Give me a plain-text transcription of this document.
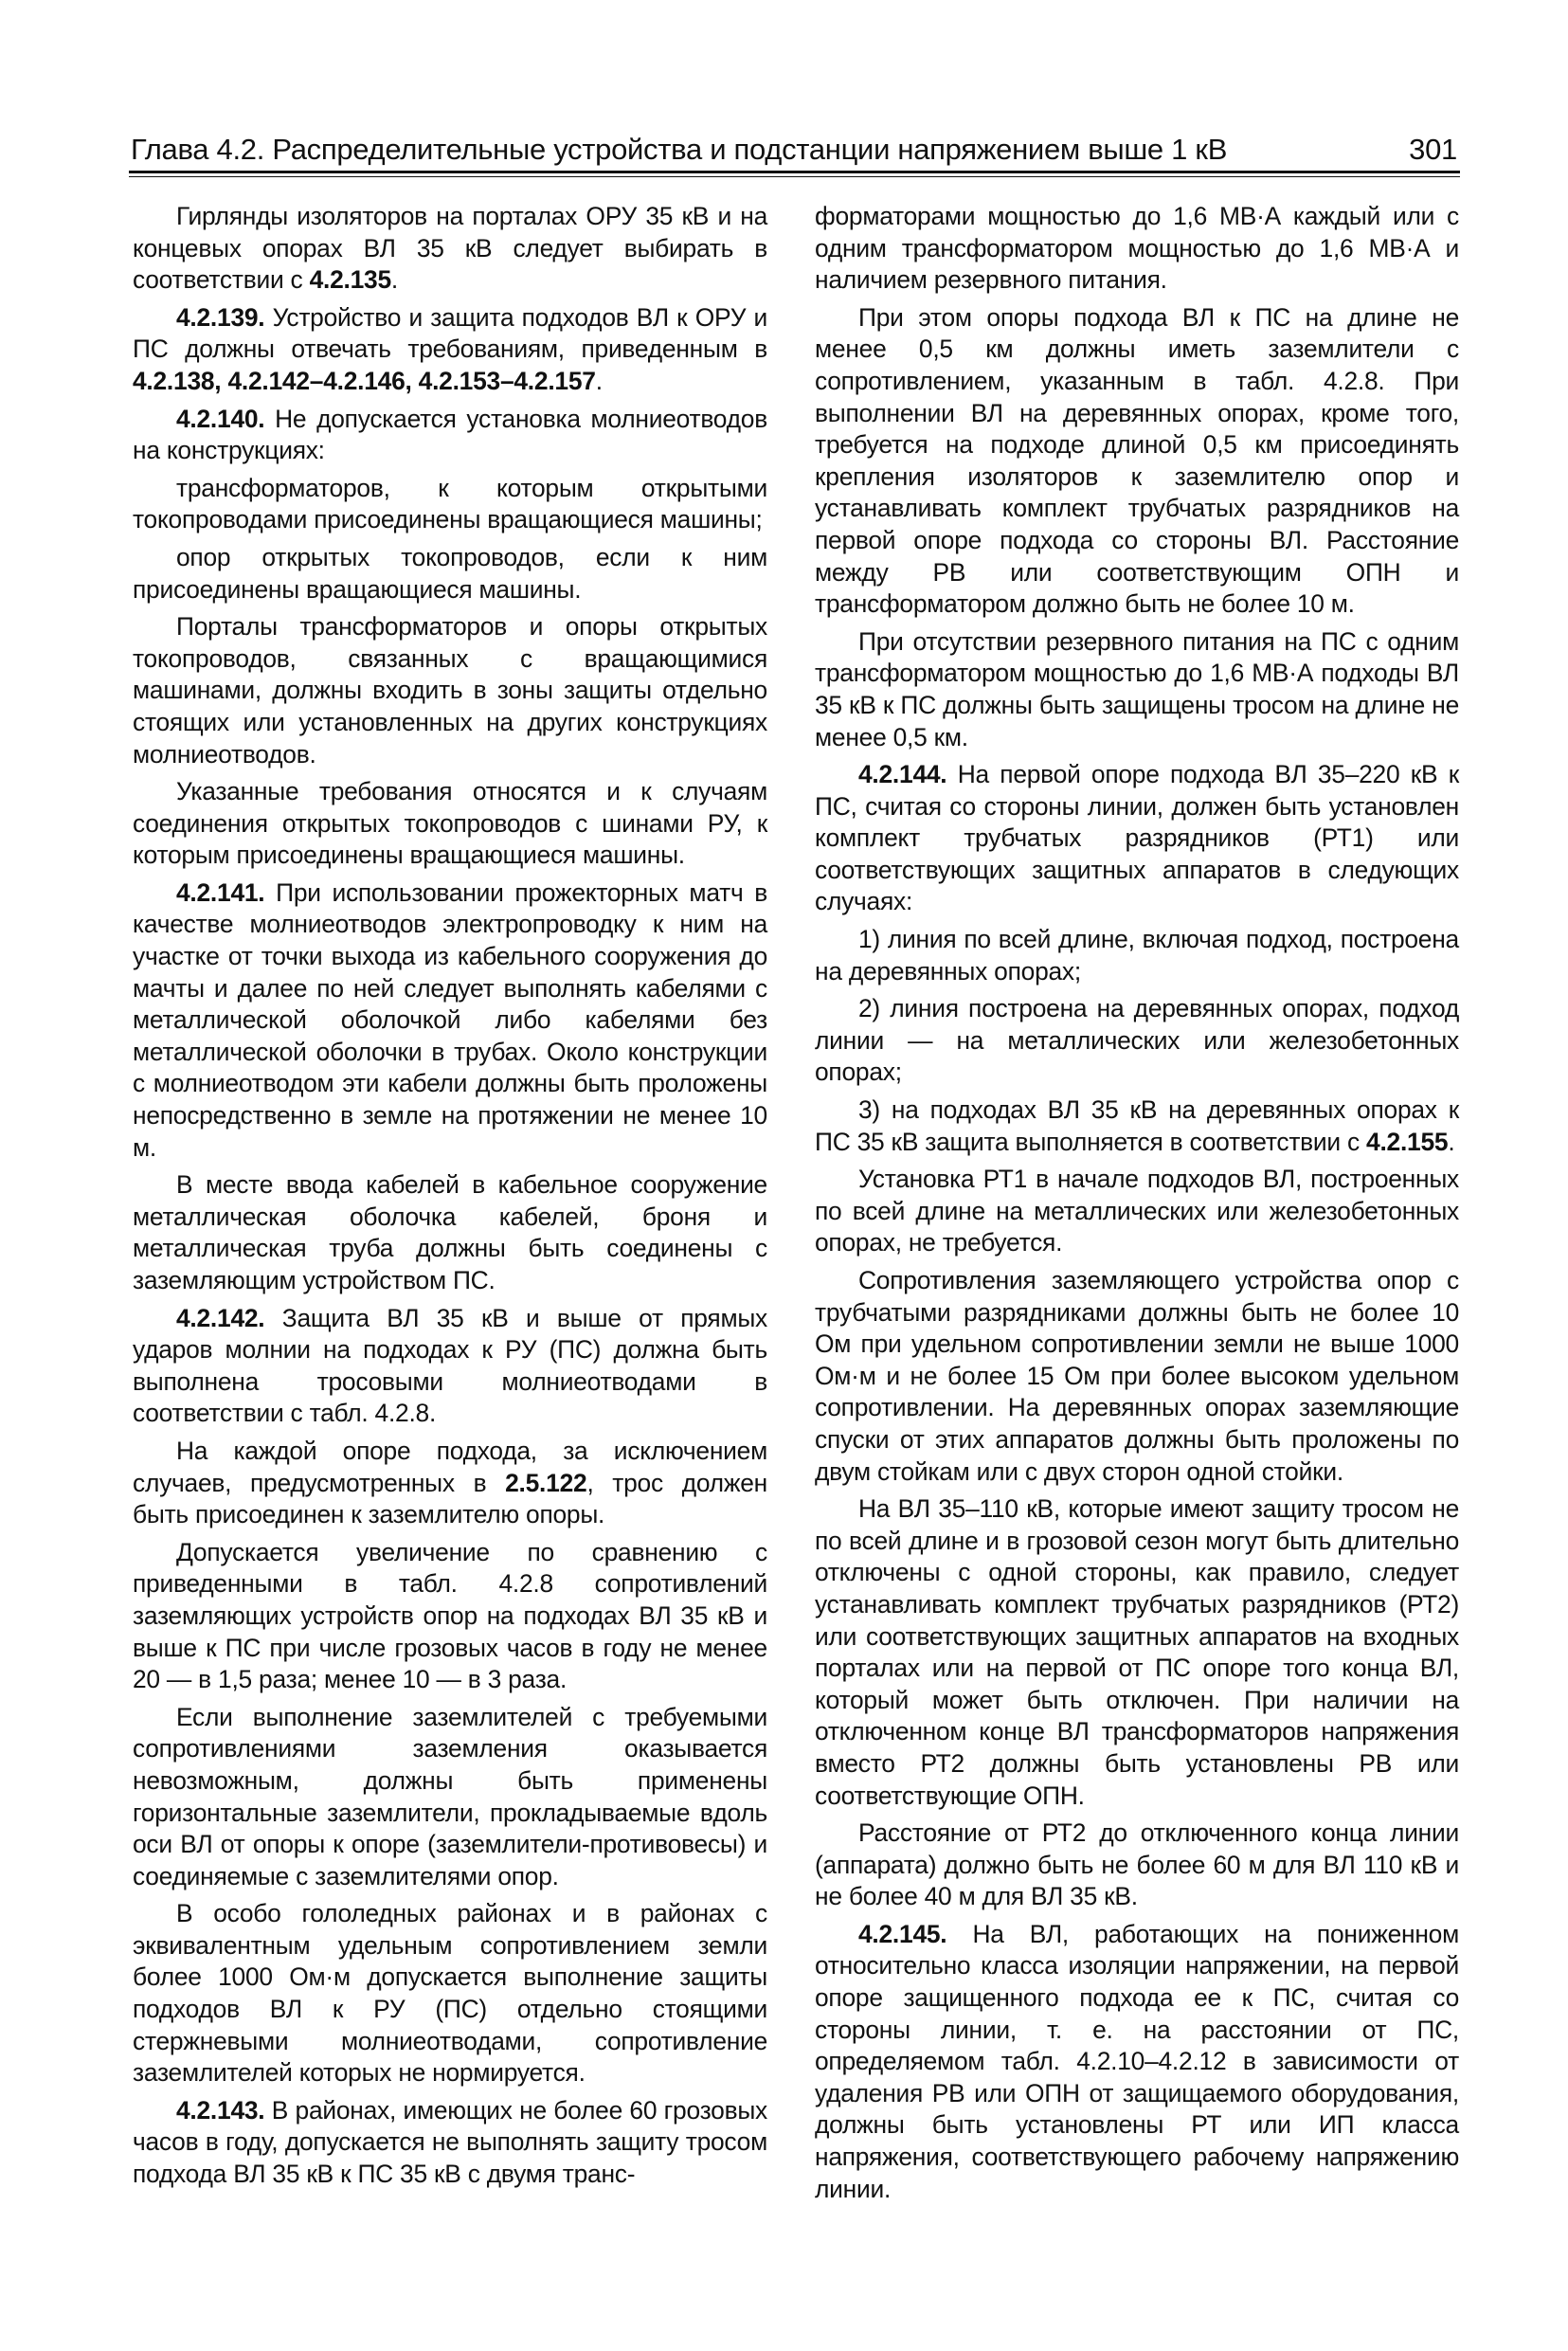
Глава 4.2. Распределительные устройства и подстанции напряжением выше 1 кВ	301

Гирлянды изоляторов на порталах ОРУ 35 кВ и на концевых опорах ВЛ 35 кВ следует выбирать в соответствии с 4.2.135.

4.2.139. Устройство и защита подходов ВЛ к ОРУ и ПС должны отвечать требованиям, приведенным в 4.2.138, 4.2.142–4.2.146, 4.2.153–4.2.157.

4.2.140. Не допускается установка молниеотводов на конструкциях:

трансформаторов, к которым открытыми токопроводами присоединены вращающиеся машины;

опор открытых токопроводов, если к ним присоединены вращающиеся машины.

Порталы трансформаторов и опоры открытых токопроводов, связанных с вращающимися машинами, должны входить в зоны защиты отдельно стоящих или установленных на других конструкциях молниеотводов.

Указанные требования относятся и к случаям соединения открытых токопроводов с шинами РУ, к которым присоединены вращающиеся машины.

4.2.141. При использовании прожекторных матч в качестве молниеотводов электропроводку к ним на участке от точки выхода из кабельного сооружения до мачты и далее по ней следует выполнять кабелями с металлической оболочкой либо кабелями без металлической оболочки в трубах. Около конструкции с молниеотводом эти кабели должны быть проложены непосредственно в земле на протяжении не менее 10 м.

В месте ввода кабелей в кабельное сооружение металлическая оболочка кабелей, броня и металлическая труба должны быть соединены с заземляющим устройством ПС.

4.2.142. Защита ВЛ 35 кВ и выше от прямых ударов молнии на подходах к РУ (ПС) должна быть выполнена тросовыми молниеотводами в соответствии с табл. 4.2.8.

На каждой опоре подхода, за исключением случаев, предусмотренных в 2.5.122, трос должен быть присоединен к заземлителю опоры.

Допускается увеличение по сравнению с приведенными в табл. 4.2.8 сопротивлений заземляющих устройств опор на подходах ВЛ 35 кВ и выше к ПС при числе грозовых часов в году не менее 20 — в 1,5 раза; менее 10 — в 3 раза.

Если выполнение заземлителей с требуемыми сопротивлениями заземления оказывается невозможным, должны быть применены горизонтальные заземлители, прокладываемые вдоль оси ВЛ от опоры к опоре (заземлители-противовесы) и соединяемые с заземлителями опор.

В особо гололедных районах и в районах с эквивалентным удельным сопротивлением земли более 1000 Ом·м допускается выполнение защиты подходов ВЛ к РУ (ПС) отдельно стоящими стержневыми молниеотводами, сопротивление заземлителей которых не нормируется.

4.2.143. В районах, имеющих не более 60 грозовых часов в году, допускается не выполнять защиту тросом подхода ВЛ 35 кВ к ПС 35 кВ с двумя транс-

форматорами мощностью до 1,6 МВ·А каждый или с одним трансформатором мощностью до 1,6 МВ·А и наличием резервного питания.

При этом опоры подхода ВЛ к ПС на длине не менее 0,5 км должны иметь заземлители с сопротивлением, указанным в табл. 4.2.8. При выполнении ВЛ на деревянных опорах, кроме того, требуется на подходе длиной 0,5 км присоединять крепления изоляторов к заземлителю опор и устанавливать комплект трубчатых разрядников на первой опоре подхода со стороны ВЛ. Расстояние между РВ или соответствующим ОПН и трансформатором должно быть не более 10 м.

При отсутствии резервного питания на ПС с одним трансформатором мощностью до 1,6 МВ·А подходы ВЛ 35 кВ к ПС должны быть защищены тросом на длине не менее 0,5 км.

4.2.144. На первой опоре подхода ВЛ 35–220 кВ к ПС, считая со стороны линии, должен быть установлен комплект трубчатых разрядников (РТ1) или соответствующих защитных аппаратов в следующих случаях:

1) линия по всей длине, включая подход, построена на деревянных опорах;

2) линия построена на деревянных опорах, подход линии — на металлических или железобетонных опорах;

3) на подходах ВЛ 35 кВ на деревянных опорах к ПС 35 кВ защита выполняется в соответствии с 4.2.155.

Установка РТ1 в начале подходов ВЛ, построенных по всей длине на металлических или железобетонных опорах, не требуется.

Сопротивления заземляющего устройства опор с трубчатыми разрядниками должны быть не более 10 Ом при удельном сопротивлении земли не выше 1000 Ом·м и не более 15 Ом при более высоком удельном сопротивлении. На деревянных опорах заземляющие спуски от этих аппаратов должны быть проложены по двум стойкам или с двух сторон одной стойки.

На ВЛ 35–110 кВ, которые имеют защиту тросом не по всей длине и в грозовой сезон могут быть длительно отключены с одной стороны, как правило, следует устанавливать комплект трубчатых разрядников (РТ2) или соответствующих защитных аппаратов на входных порталах или на первой от ПС опоре того конца ВЛ, который может быть отключен. При наличии на отключенном конце ВЛ трансформаторов напряжения вместо РТ2 должны быть установлены РВ или соответствующие ОПН.

Расстояние от РТ2 до отключенного конца линии (аппарата) должно быть не более 60 м для ВЛ 110 кВ и не более 40 м для ВЛ 35 кВ.

4.2.145. На ВЛ, работающих на пониженном относительно класса изоляции напряжении, на первой опоре защищенного подхода ее к ПС, считая со стороны линии, т. е. на расстоянии от ПС, определяемом табл. 4.2.10–4.2.12 в зависимости от удаления РВ или ОПН от защищаемого оборудования, должны быть установлены РТ или ИП класса напряжения, соответствующего рабочему напряжению линии.
